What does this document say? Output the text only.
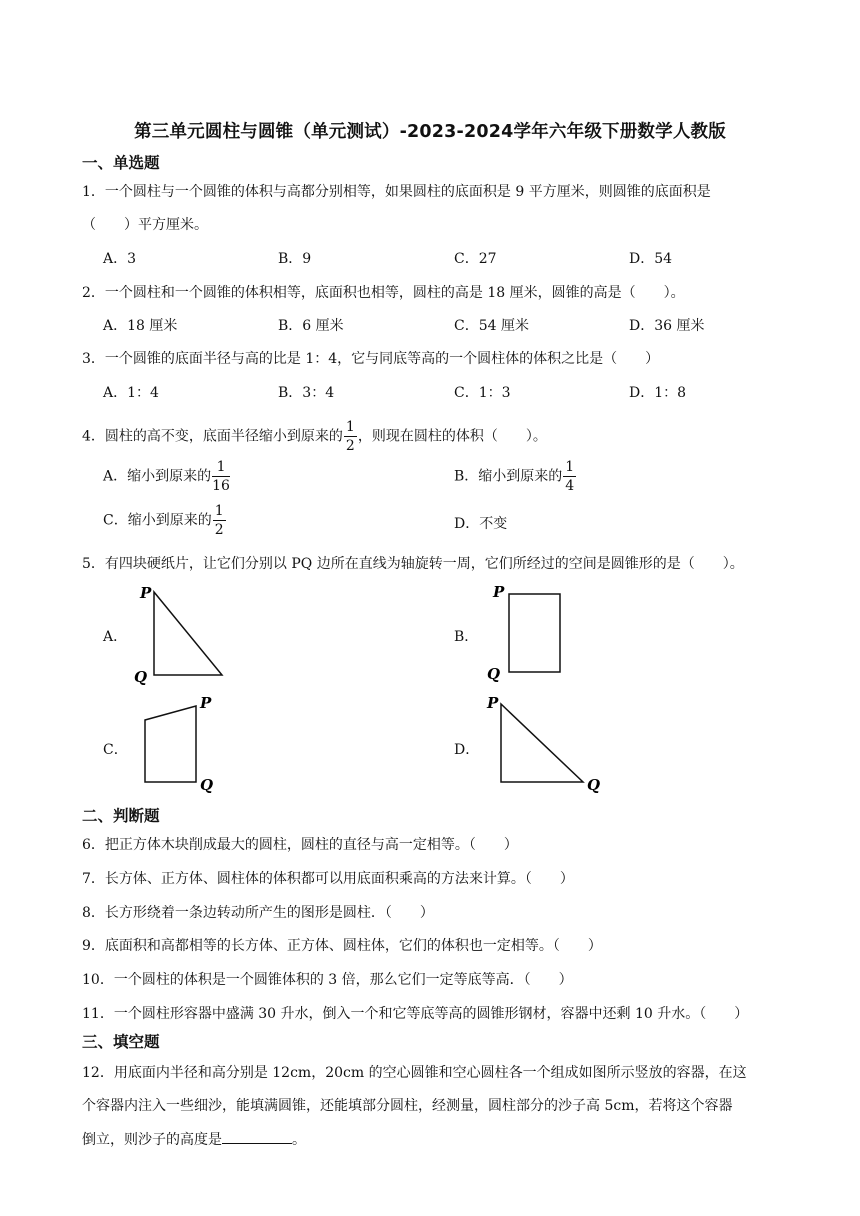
第三单元圆柱与圆锥（单元测试）-2023-2024学年六年级下册数学人教版
一、单选题
1．一个圆柱与一个圆锥的体积与高都分别相等，如果圆柱的底面积是 9 平方厘米，则圆锥的底面积是
（　　）平方厘米。
A．3	B．9	C．27	D．54
2．一个圆柱和一个圆锥的体积相等，底面积也相等，圆柱的高是 18 厘米，圆锥的高是（　　）。
A．18 厘米	B．6 厘米	C．54 厘米	D．36 厘米
3．一个圆锥的底面半径与高的比是 1：4，它与同底等高的一个圆柱体的体积之比是（　　）
A．1：4	B．3：4	C．1：3	D．1：8
4．圆柱的高不变，底面半径缩小到原来的 $\frac{1}{2}$ ，则现在圆柱的体积（　　）。
A．缩小到原来的 $\frac{1}{16}$	B．缩小到原来的 $\frac{1}{4}$
C．缩小到原来的 $\frac{1}{2}$	D．不变
5．有四块硬纸片，让它们分别以 PQ 边所在直线为轴旋转一周，它们所经过的空间是圆锥形的是（　　）。
A．
P
Q
B．
P
Q
C．
P
Q
D．
P
Q
二、判断题
6．把正方体木块削成最大的圆柱，圆柱的直径与高一定相等。（　　）
7．长方体、正方体、圆柱体的体积都可以用底面积乘高的方法来计算。（　　）
8．长方形绕着一条边转动所产生的图形是圆柱．（　　）
9．底面积和高都相等的长方体、正方体、圆柱体，它们的体积也一定相等。（　　）
10．一个圆柱的体积是一个圆锥体积的 3 倍，那么它们一定等底等高．（　　）
11．一个圆柱形容器中盛满 30 升水，倒入一个和它等底等高的圆锥形钢材，容器中还剩 10 升水。（　　）
三、填空题
12．用底面内半径和高分别是 12cm，20cm 的空心圆锥和空心圆柱各一个组成如图所示竖放的容器，在这
个容器内注入一些细沙，能填满圆锥，还能填部分圆柱，经测量，圆柱部分的沙子高 5cm，若将这个容器
倒立，则沙子的高度是	。
